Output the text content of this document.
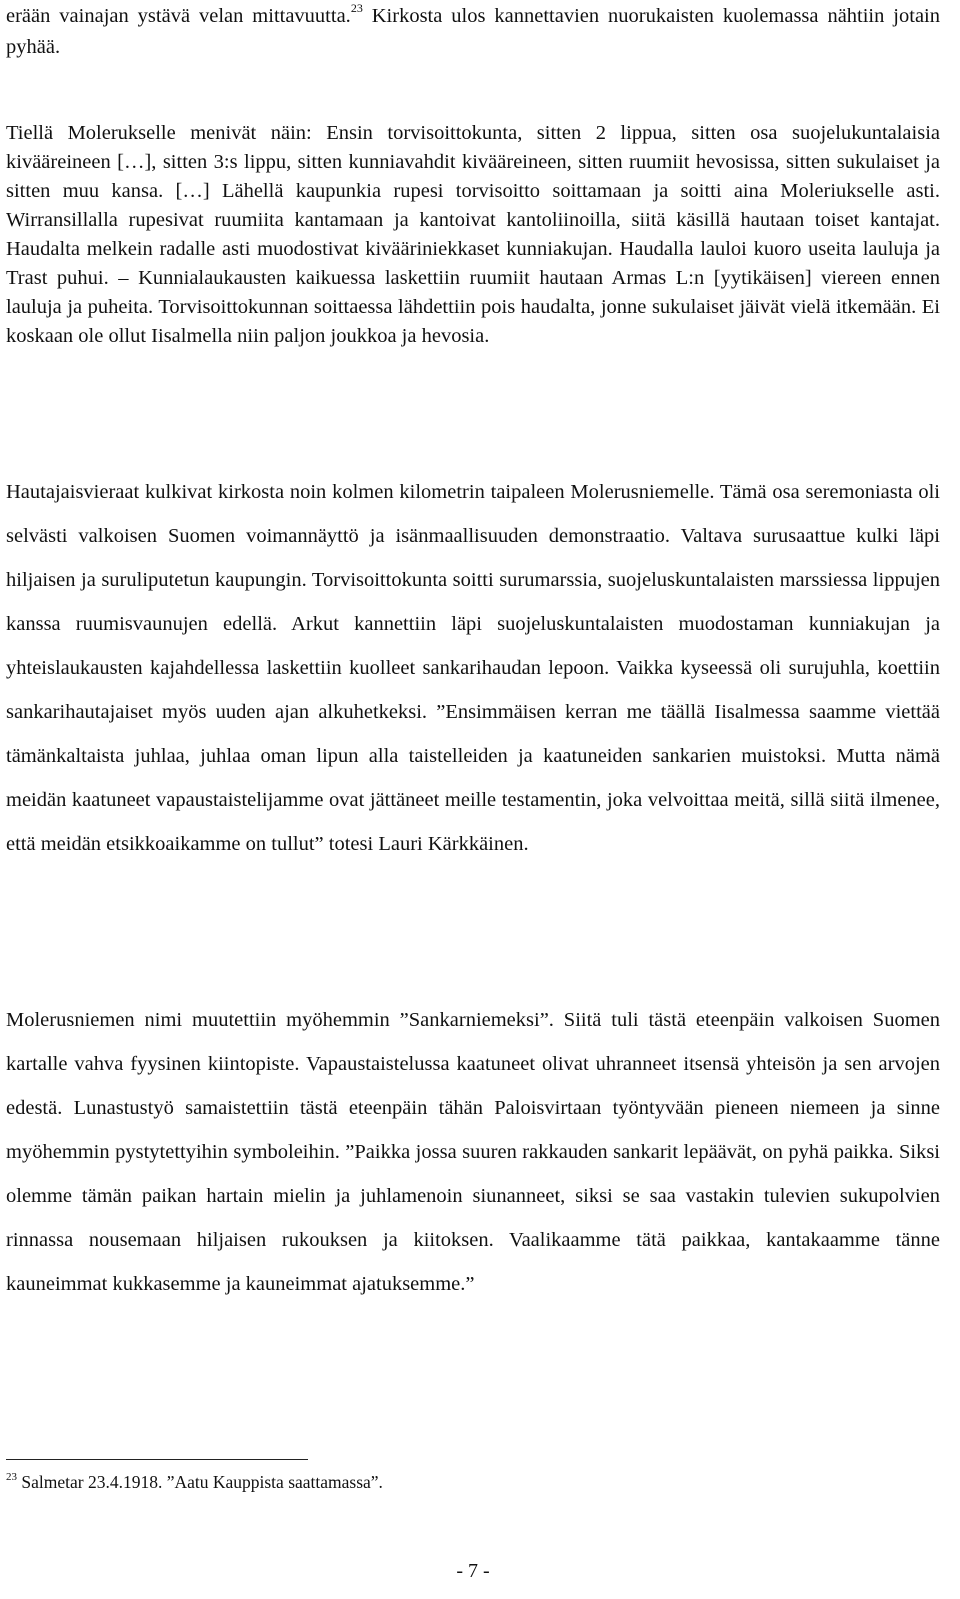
erään vainajan ystävä velan mittavuutta.$^{23}$ Kirkosta ulos kannettavien nuorukaisten kuolemassa nähtiin jotain pyhää.

Tiellä Molerukselle menivät näin: Ensin torvisoittokunta, sitten 2 lippua, sitten osa suojelukuntalaisia kivääreineen […], sitten 3:s lippu, sitten kunniavahdit kivääreineen, sitten ruumiit hevosissa, sitten sukulaiset ja sitten muu kansa. […] Lähellä kaupunkia rupesi torvisoitto soittamaan ja soitti aina Moleriukselle asti. Wirransillalla rupesivat ruumiita kantamaan ja kantoivat kantoliinoilla, siitä käsillä hautaan toiset kantajat. Haudalta melkein radalle asti muodostivat kivääriniekkaset kunniakujan. Haudalla lauloi kuoro useita lauluja ja Trast puhui. – Kunnialaukausten kaikuessa laskettiin ruumiit hautaan Armas L:n [yytikäisen] viereen ennen lauluja ja puheita. Torvisoittokunnan soittaessa lähdettiin pois haudalta, jonne sukulaiset jäivät vielä itkemään. Ei koskaan ole ollut Iisalmella niin paljon joukkoa ja hevosia.

Hautajaisvieraat kulkivat kirkosta noin kolmen kilometrin taipaleen Molerusniemelle. Tämä osa seremoniasta oli selvästi valkoisen Suomen voimannäyttö ja isänmaallisuuden demonstraatio. Valtava surusaattue kulki läpi hiljaisen ja suruliputetun kaupungin. Torvisoittokunta soitti surumarssia, suojeluskuntalaisten marssiessa lippujen kanssa ruumisvaunujen edellä. Arkut kannettiin läpi suojeluskuntalaisten muodostaman kunniakujan ja yhteislaukausten kajahdellessa laskettiin kuolleet sankarihaudan lepoon. Vaikka kyseessä oli surujuhla, koettiin sankarihautajaiset myös uuden ajan alkuhetkeksi. ”Ensimmäisen kerran me täällä Iisalmessa saamme viettää tämänkaltaista juhlaa, juhlaa oman lipun alla taistelleiden ja kaatuneiden sankarien muistoksi. Mutta nämä meidän kaatuneet vapaustaistelijamme ovat jättäneet meille testamentin, joka velvoittaa meitä, sillä siitä ilmenee, että meidän etsikkoaikamme on tullut” totesi Lauri Kärkkäinen.

Molerusniemen nimi muutettiin myöhemmin ”Sankarniemeksi”. Siitä tuli tästä eteenpäin valkoisen Suomen kartalle vahva fyysinen kiintopiste. Vapaustaistelussa kaatuneet olivat uhranneet itsensä yhteisön ja sen arvojen edestä. Lunastustyö samaistettiin tästä eteenpäin tähän Paloisvirtaan työntyvään pieneen niemeen ja sinne myöhemmin pystytettyihin symboleihin. ”Paikka jossa suuren rakkauden sankarit lepäävät, on pyhä paikka. Siksi olemme tämän paikan hartain mielin ja juhlamenoin siunanneet, siksi se saa vastakin tulevien sukupolvien rinnassa nousemaan hiljaisen rukouksen ja kiitoksen. Vaalikaamme tätä paikkaa, kantakaamme tänne kauneimmat kukkasemme ja kauneimmat ajatuksemme.”

$^{23}$ Salmetar 23.4.1918. ”Aatu Kauppista saattamassa”.

- 7 -
